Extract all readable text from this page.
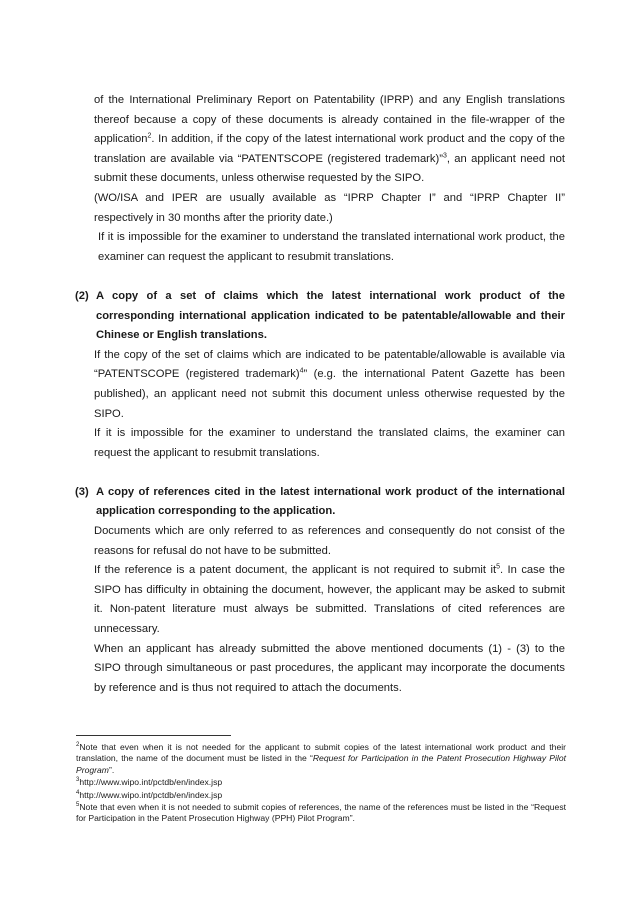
of the International Preliminary Report on Patentability (IPRP) and any English translations thereof because a copy of these documents is already contained in the file-wrapper of the application$^2$. In addition, if the copy of the latest international work product and the copy of the translation are available via “PATENTSCOPE (registered trademark)”$^3$, an applicant need not submit these documents, unless otherwise requested by the SIPO.

(WO/ISA and IPER are usually available as “IPRP Chapter I” and “IPRP Chapter II” respectively in 30 months after the priority date.)

If it is impossible for the examiner to understand the translated international work product, the examiner can request the applicant to resubmit translations.

(2) A copy of a set of claims which the latest international work product of the corresponding international application indicated to be patentable/allowable and their Chinese or English translations.

If the copy of the set of claims which are indicated to be patentable/allowable is available via “PATENTSCOPE (registered trademark)$^4$” (e.g. the international Patent Gazette has been published), an applicant need not submit this document unless otherwise requested by the SIPO.

If it is impossible for the examiner to understand the translated claims, the examiner can request the applicant to resubmit translations.

(3) A copy of references cited in the latest international work product of the international application corresponding to the application.

Documents which are only referred to as references and consequently do not consist of the reasons for refusal do not have to be submitted.

If the reference is a patent document, the applicant is not required to submit $it^5$. In case the SIPO has difficulty in obtaining the document, however, the applicant may be asked to submit it. Non-patent literature must always be submitted. Translations of cited references are unnecessary.

When an applicant has already submitted the above mentioned documents (1) - (3) to the SIPO through simultaneous or past procedures, the applicant may incorporate the documents by reference and is thus not required to attach the documents.

$^2$Note that even when it is not needed for the applicant to submit copies of the latest international work product and their translation, the name of the document must be listed in the “Request for Participation in the Patent Prosecution Highway Pilot Program”.

$^3$http://www.wipo.int/pctdb/en/index.jsp

$^4$http://www.wipo.int/pctdb/en/index.jsp

$^5$Note that even when it is not needed to submit copies of references, the name of the references must be listed in the “Request for Participation in the Patent Prosecution Highway (PPH) Pilot Program”.
